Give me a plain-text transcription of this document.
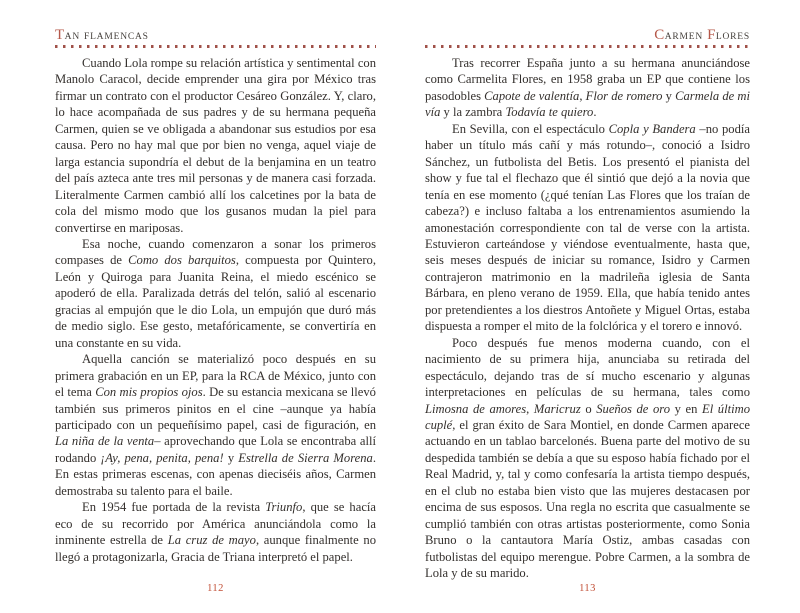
TAN FLAMENCAS

Cuando Lola rompe su relación artística y sentimental con Manolo Caracol, decide emprender una gira por México tras firmar un contrato con el productor Cesáreo González. Y, claro, lo hace acompañada de sus padres y de su hermana pequeña Carmen, quien se ve obligada a abandonar sus estudios por esa causa. Pero no hay mal que por bien no venga, aquel viaje de larga estancia supondría el debut de la benjamina en un teatro del país azteca ante tres mil personas y de manera casi forzada. Literalmente Carmen cambió allí los calcetines por la bata de cola del mismo modo que los gusanos mudan la piel para convertirse en mariposas.

Esa noche, cuando comenzaron a sonar los primeros compases de Como dos barquitos, compuesta por Quintero, León y Quiroga para Juanita Reina, el miedo escénico se apoderó de ella. Paralizada detrás del telón, salió al escenario gracias al empujón que le dio Lola, un empujón que duró más de medio siglo. Ese gesto, metafóricamente, se convertiría en una constante en su vida.

Aquella canción se materializó poco después en su primera grabación en un EP, para la RCA de México, junto con el tema Con mis propios ojos. De su estancia mexicana se llevó también sus primeros pinitos en el cine –aunque ya había participado con un pequeñísimo papel, casi de figuración, en La niña de la venta– aprovechando que Lola se encontraba allí rodando ¡Ay, pena, penita, pena! y Estrella de Sierra Morena. En estas primeras escenas, con apenas dieciséis años, Carmen demostraba su talento para el baile.

En 1954 fue portada de la revista Triunfo, que se hacía eco de su recorrido por América anunciándola como la inminente estrella de La cruz de mayo, aunque finalmente no llegó a protagonizarla, Gracia de Triana interpretó el papel.

112
CARMEN FLORES

Tras recorrer España junto a su hermana anunciándose como Carmelita Flores, en 1958 graba un EP que contiene los pasodobles Capote de valentía, Flor de romero y Carmela de mi vía y la zambra Todavía te quiero.

En Sevilla, con el espectáculo Copla y Bandera –no podía haber un título más cañí y más rotundo–, conoció a Isidro Sánchez, un futbolista del Betis. Los presentó el pianista del show y fue tal el flechazo que él sintió que dejó a la novia que tenía en ese momento (¿qué tenían Las Flores que los traían de cabeza?) e incluso faltaba a los entrenamientos asumiendo la amonestación correspondiente con tal de verse con la artista. Estuvieron carteándose y viéndose eventualmente, hasta que, seis meses después de iniciar su romance, Isidro y Carmen contrajeron matrimonio en la madrileña iglesia de Santa Bárbara, en pleno verano de 1959. Ella, que había tenido antes por pretendientes a los diestros Antoñete y Miguel Ortas, estaba dispuesta a romper el mito de la folclórica y el torero e innovó.

Poco después fue menos moderna cuando, con el nacimiento de su primera hija, anunciaba su retirada del espectáculo, dejando tras de sí mucho escenario y algunas interpretaciones en películas de su hermana, tales como Limosna de amores, Maricruz o Sueños de oro y en El último cuplé, el gran éxito de Sara Montiel, en donde Carmen aparece actuando en un tablao barcelonés. Buena parte del motivo de su despedida también se debía a que su esposo había fichado por el Real Madrid, y, tal y como confesaría la artista tiempo después, en el club no estaba bien visto que las mujeres destacasen por encima de sus esposos. Una regla no escrita que casualmente se cumplió también con otras artistas posteriormente, como Sonia Bruno o la cantautora María Ostiz, ambas casadas con futbolistas del equipo merengue. Pobre Carmen, a la sombra de Lola y de su marido.

113
